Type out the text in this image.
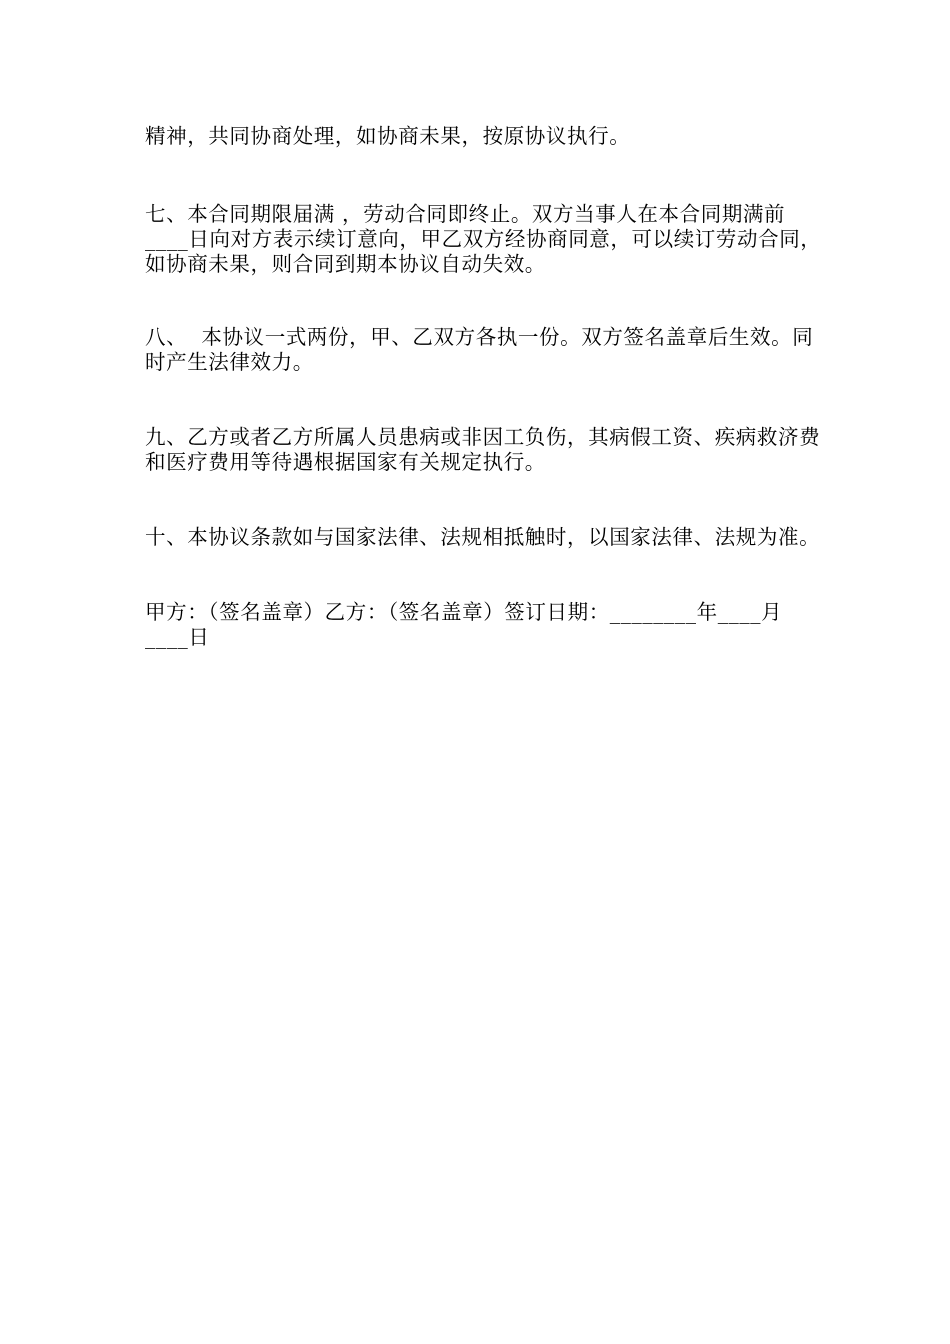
精神，共同协商处理，如协商未果，按原协议执行。

七、本合同期限届满 ，劳动合同即终止。双方当事人在本合同期满前____日向对方表示续订意向，甲乙双方经协商同意，可以续订劳动合同，如协商未果，则合同到期本协议自动失效。

八、  本协议一式两份，甲、乙双方各执一份。双方签名盖章后生效。同时产生法律效力。

九、乙方或者乙方所属人员患病或非因工负伤，其病假工资、疾病救济费和医疗费用等待遇根据国家有关规定执行。

十、本协议条款如与国家法律、法规相抵触时，以国家法律、法规为准。

甲方：（签名盖章）乙方：（签名盖章）签订日期：________年____月____日
